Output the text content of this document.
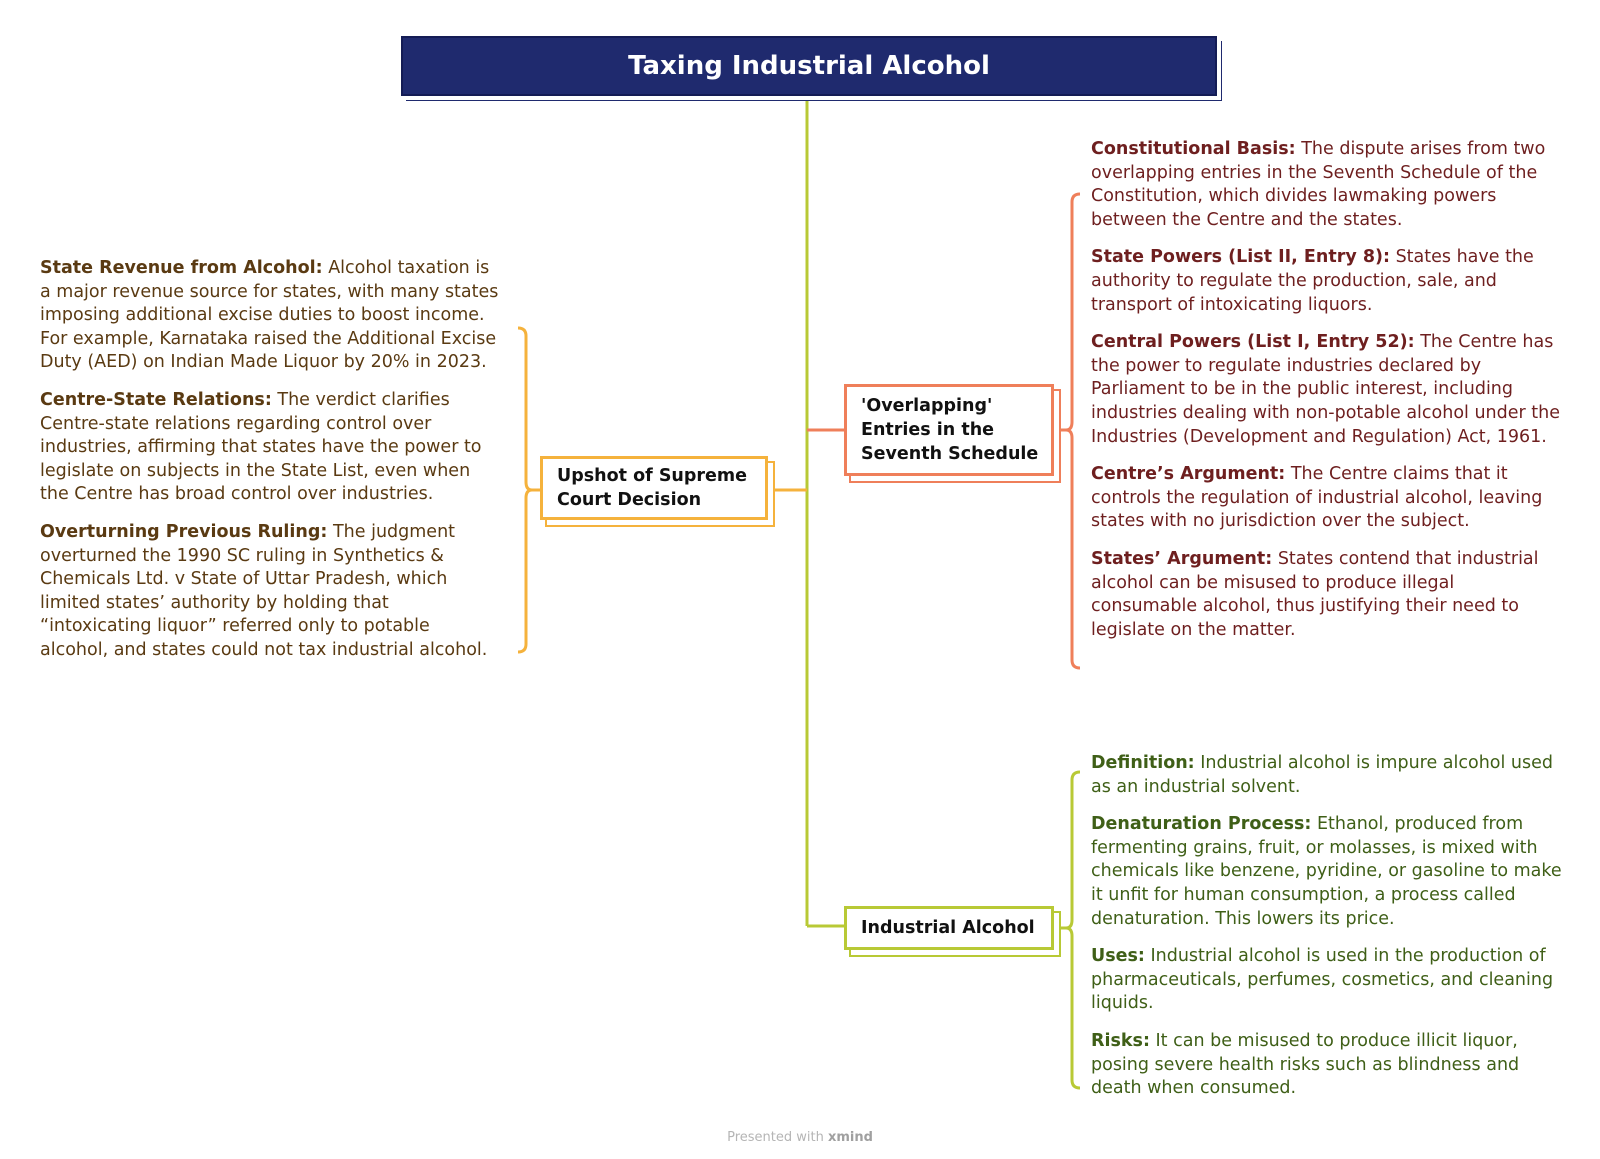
Taxing Industrial Alcohol
Upshot of Supreme
Court Decision
'Overlapping'
Entries in the
Seventh Schedule
Industrial Alcohol

State Revenue from Alcohol: Alcohol taxation is a major revenue source for states, with many states imposing additional excise duties to boost income. For example, Karnataka raised the Additional Excise Duty (AED) on Indian Made Liquor by 20% in 2023.

Centre-State Relations: The verdict clarifies Centre-state relations regarding control over industries, affirming that states have the power to legislate on subjects in the State List, even when the Centre has broad control over industries.

Overturning Previous Ruling: The judgment overturned the 1990 SC ruling in Synthetics & Chemicals Ltd. v State of Uttar Pradesh, which limited states’ authority by holding that “intoxicating liquor” referred only to potable alcohol, and states could not tax industrial alcohol.

Constitutional Basis: The dispute arises from two overlapping entries in the Seventh Schedule of the Constitution, which divides lawmaking powers between the Centre and the states.

State Powers (List II, Entry 8): States have the authority to regulate the production, sale, and transport of intoxicating liquors.

Central Powers (List I, Entry 52): The Centre has the power to regulate industries declared by Parliament to be in the public interest, including industries dealing with non-potable alcohol under the Industries (Development and Regulation) Act, 1961.

Centre’s Argument: The Centre claims that it controls the regulation of industrial alcohol, leaving states with no jurisdiction over the subject.

States’ Argument: States contend that industrial alcohol can be misused to produce illegal consumable alcohol, thus justifying their need to legislate on the matter.

Definition: Industrial alcohol is impure alcohol used as an industrial solvent.

Denaturation Process: Ethanol, produced from fermenting grains, fruit, or molasses, is mixed with chemicals like benzene, pyridine, or gasoline to make it unfit for human consumption, a process called denaturation. This lowers its price.

Uses: Industrial alcohol is used in the production of pharmaceuticals, perfumes, cosmetics, and cleaning liquids.

Risks: It can be misused to produce illicit liquor, posing severe health risks such as blindness and death when consumed.

Presented with xmind
